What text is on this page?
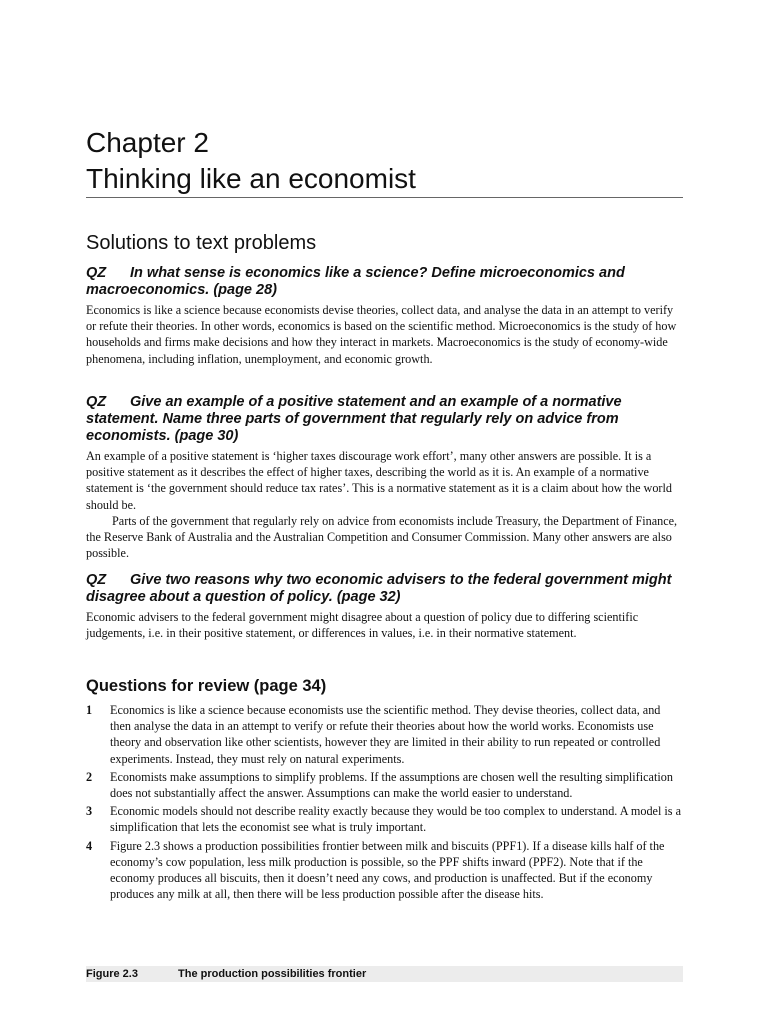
Chapter 2
Thinking like an economist
Solutions to text problems

QZ In what sense is economics like a science? Define microeconomics and macroeconomics. (page 28)

Economics is like a science because economists devise theories, collect data, and analyse the data in an attempt to verify or refute their theories. In other words, economics is based on the scientific method. Microeconomics is the study of how households and firms make decisions and how they interact in markets. Macroeconomics is the study of economy-wide phenomena, including inflation, unemployment, and economic growth.

QZ Give an example of a positive statement and an example of a normative statement. Name three parts of government that regularly rely on advice from economists. (page 30)

An example of a positive statement is ‘higher taxes discourage work effort’, many other answers are possible. It is a positive statement as it describes the effect of higher taxes, describing the world as it is. An example of a normative statement is ‘the government should reduce tax rates’. This is a normative statement as it is a claim about how the world should be.

Parts of the government that regularly rely on advice from economists include Treasury, the Department of Finance, the Reserve Bank of Australia and the Australian Competition and Consumer Commission. Many other answers are also possible.

QZ Give two reasons why two economic advisers to the federal government might disagree about a question of policy. (page 32)

Economic advisers to the federal government might disagree about a question of policy due to differing scientific judgements, i.e. in their positive statement, or differences in values, i.e. in their normative statement.

Questions for review (page 34)
1 Economics is like a science because economists use the scientific method. They devise theories, collect data, and then analyse the data in an attempt to verify or refute their theories about how the world works. Economists use theory and observation like other scientists, however they are limited in their ability to run repeated or controlled experiments. Instead, they must rely on natural experiments.
2 Economists make assumptions to simplify problems. If the assumptions are chosen well the resulting simplification does not substantially affect the answer. Assumptions can make the world easier to understand.
3 Economic models should not describe reality exactly because they would be too complex to understand. A model is a simplification that lets the economist see what is truly important.
4 Figure 2.3 shows a production possibilities frontier between milk and biscuits (PPF1). If a disease kills half of the economy’s cow population, less milk production is possible, so the PPF shifts inward (PPF2). Note that if the economy produces all biscuits, then it doesn’t need any cows, and production is unaffected. But if the economy produces any milk at all, then there will be less production possible after the disease hits.
Figure 2.3	The production possibilities frontier
